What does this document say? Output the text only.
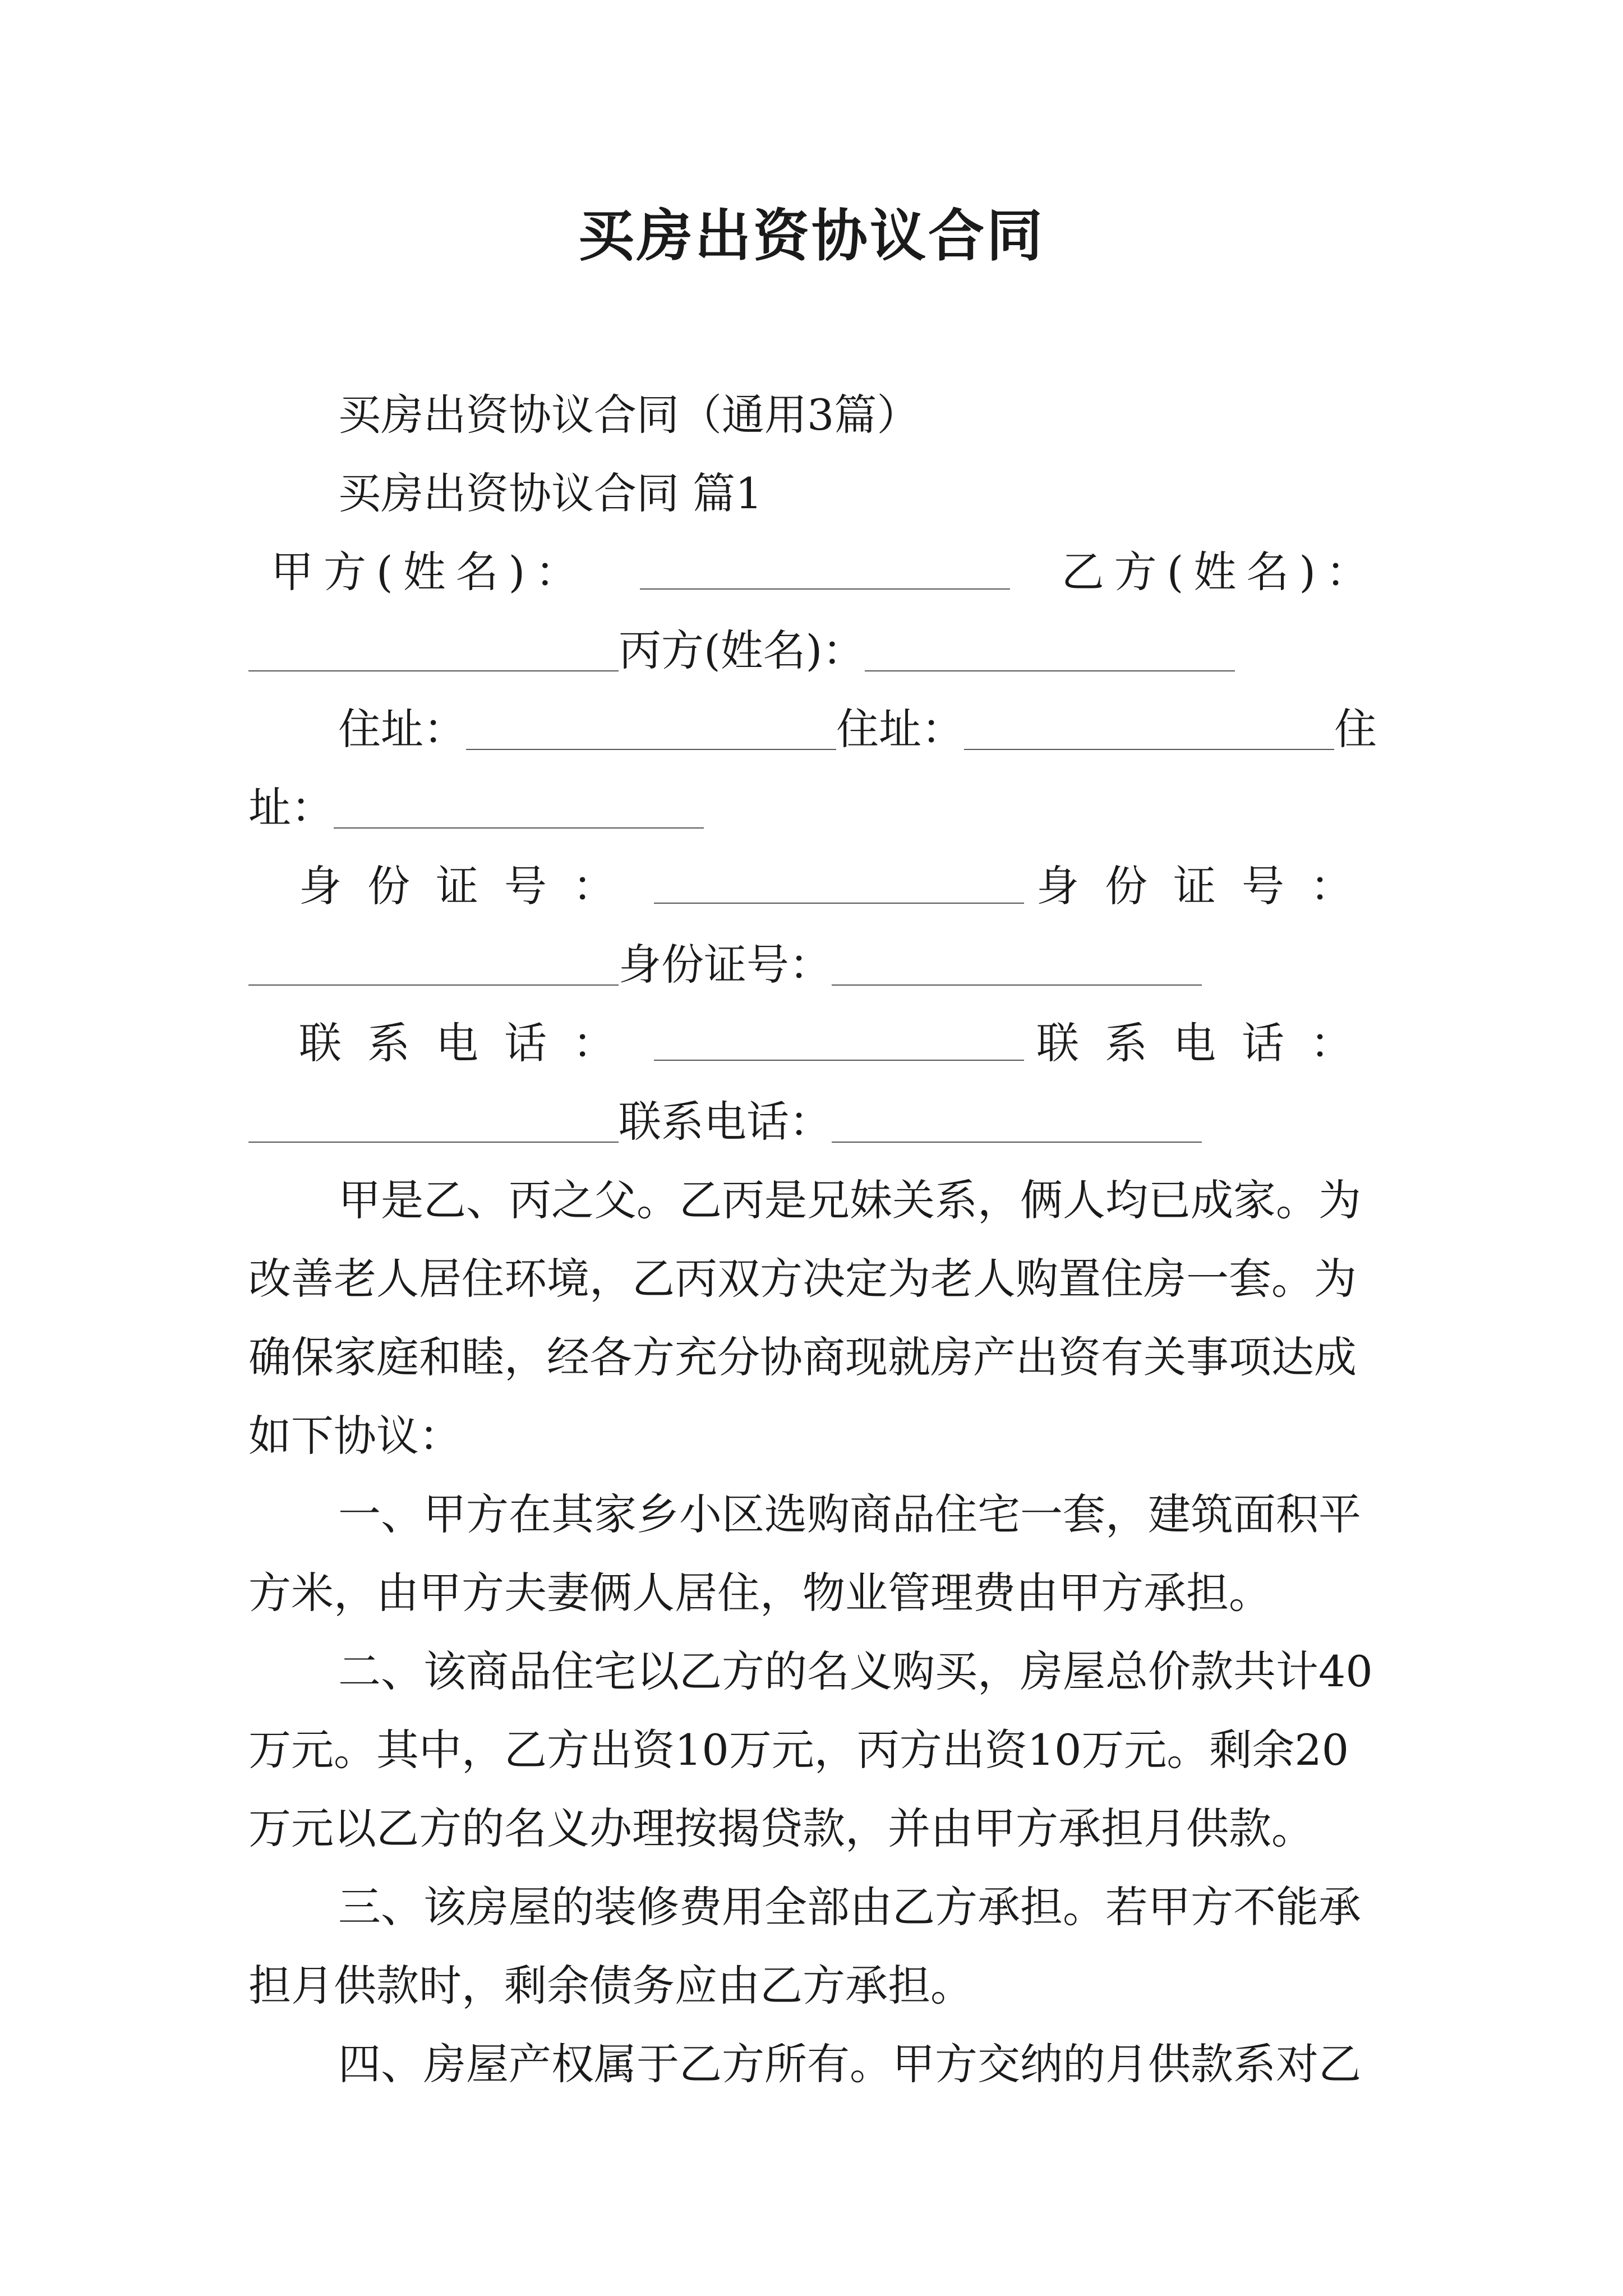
买房出资协议合同
买房出资协议合同（通用3篇）
买房出资协议合同 篇1
甲方(姓名)：	乙方(姓名)：
丙方(姓名)：
住址：	住址：	住
址：
身份证号：	身份证号：
身份证号：
联系电话：	联系电话：
联系电话：
甲是乙、丙之父。乙丙是兄妹关系，俩人均已成家。为
改善老人居住环境，乙丙双方决定为老人购置住房一套。为
确保家庭和睦，经各方充分协商现就房产出资有关事项达成
如下协议：
一、甲方在其家乡小区选购商品住宅一套，建筑面积平
方米，由甲方夫妻俩人居住，物业管理费由甲方承担。
二、该商品住宅以乙方的名义购买，房屋总价款共计40
万元。其中，乙方出资10万元，丙方出资10万元。剩余20
万元以乙方的名义办理按揭贷款，并由甲方承担月供款。
三、该房屋的装修费用全部由乙方承担。若甲方不能承
担月供款时，剩余债务应由乙方承担。
四、房屋产权属于乙方所有。甲方交纳的月供款系对乙
